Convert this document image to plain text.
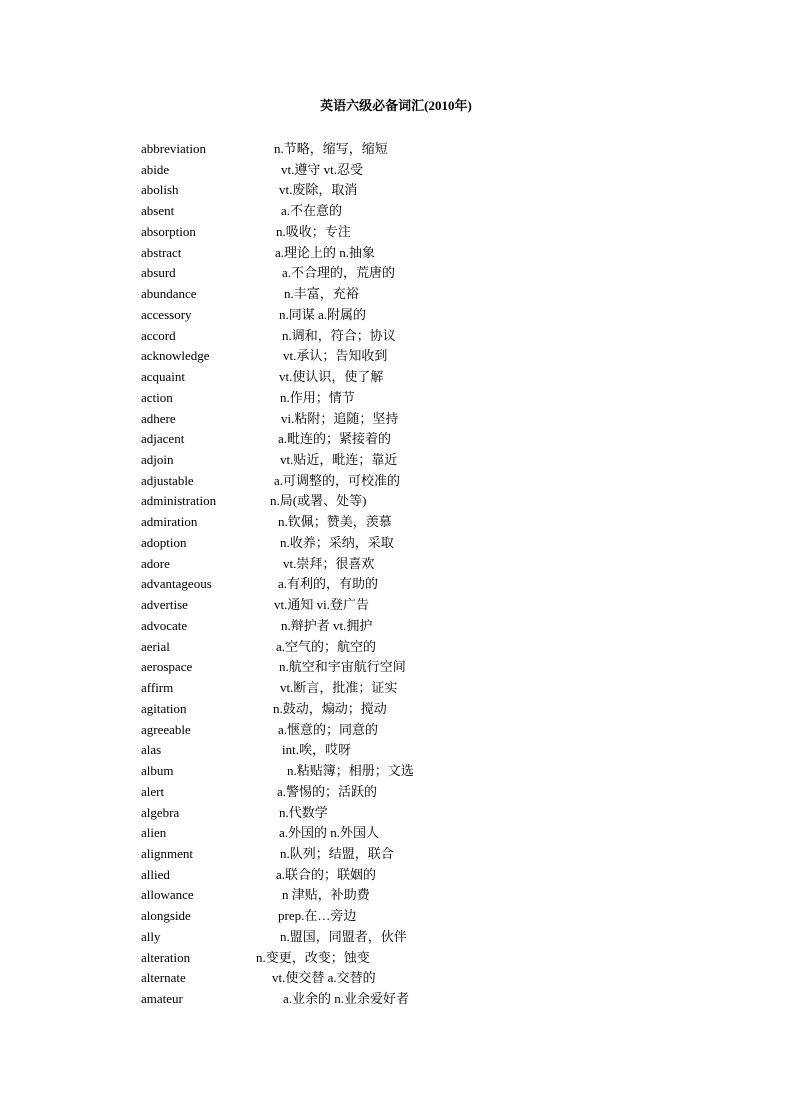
英语六级必备词汇(2010年)
abbreviation	n.节略，缩写，缩短
abide	vt.遵守 vt.忍受
abolish	vt.废除，取消
absent	a.不在意的
absorption	n.吸收；专注
abstract	a.理论上的 n.抽象
absurd	a.不合理的，荒唐的
abundance	n.丰富，充裕
accessory	n.同谋 a.附属的
accord	n.调和，符合；协议
acknowledge	vt.承认；告知收到
acquaint	vt.使认识，使了解
action	n.作用；情节
adhere	vi.粘附；追随；坚持
adjacent	a.毗连的；紧接着的
adjoin	vt.贴近，毗连；靠近
adjustable	a.可调整的，可校准的
administration	n.局(或署、处等)
admiration	n.钦佩；赞美，羡慕
adoption	n.收养；采纳，采取
adore	vt.崇拜；很喜欢
advantageous	a.有利的，有助的
advertise	vt.通知 vi.登广告
advocate	n.辩护者 vt.拥护
aerial	a.空气的；航空的
aerospace	n.航空和宇宙航行空间
affirm	vt.断言，批准；证实
agitation	n.鼓动，煽动；搅动
agreeable	a.惬意的；同意的
alas	int.唉，哎呀
album	n.粘贴簿；相册；文选
alert	a.警惕的；活跃的
algebra	n.代数学
alien	a.外国的 n.外国人
alignment	n.队列；结盟，联合
allied	a.联合的；联姻的
allowance	n 津贴，补助费
alongside	prep.在…旁边
ally	n.盟国，同盟者，伙伴
alteration	n.变更，改变；蚀变
alternate	vt.使交替 a.交替的
amateur	a.业余的 n.业余爱好者
